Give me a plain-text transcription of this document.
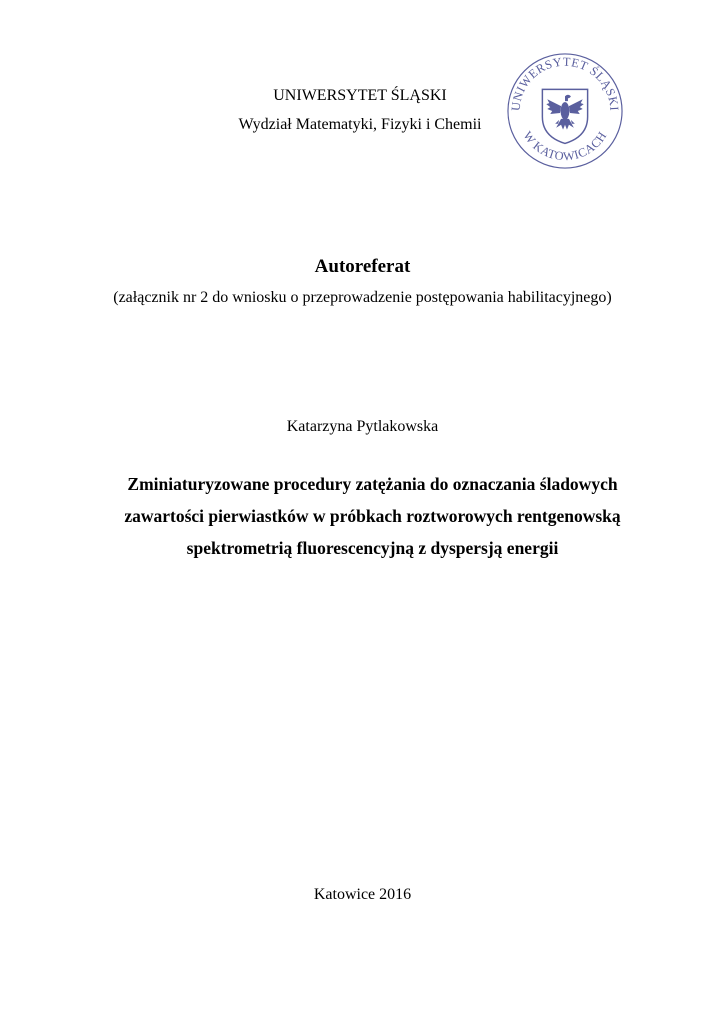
UNIWERSYTET ŚLĄSKI
Wydział Matematyki, Fizyki i Chemii
UNIWERSYTET ŚLĄSKI
W KATOWICACH
Autoreferat
(załącznik nr 2 do wniosku o przeprowadzenie postępowania habilitacyjnego)
Katarzyna Pytlakowska
Zminiaturyzowane procedury zatężania do oznaczania śladowych
zawartości pierwiastków w próbkach roztworowych rentgenowską
spektrometrią fluorescencyjną z dyspersją energii
Katowice 2016
